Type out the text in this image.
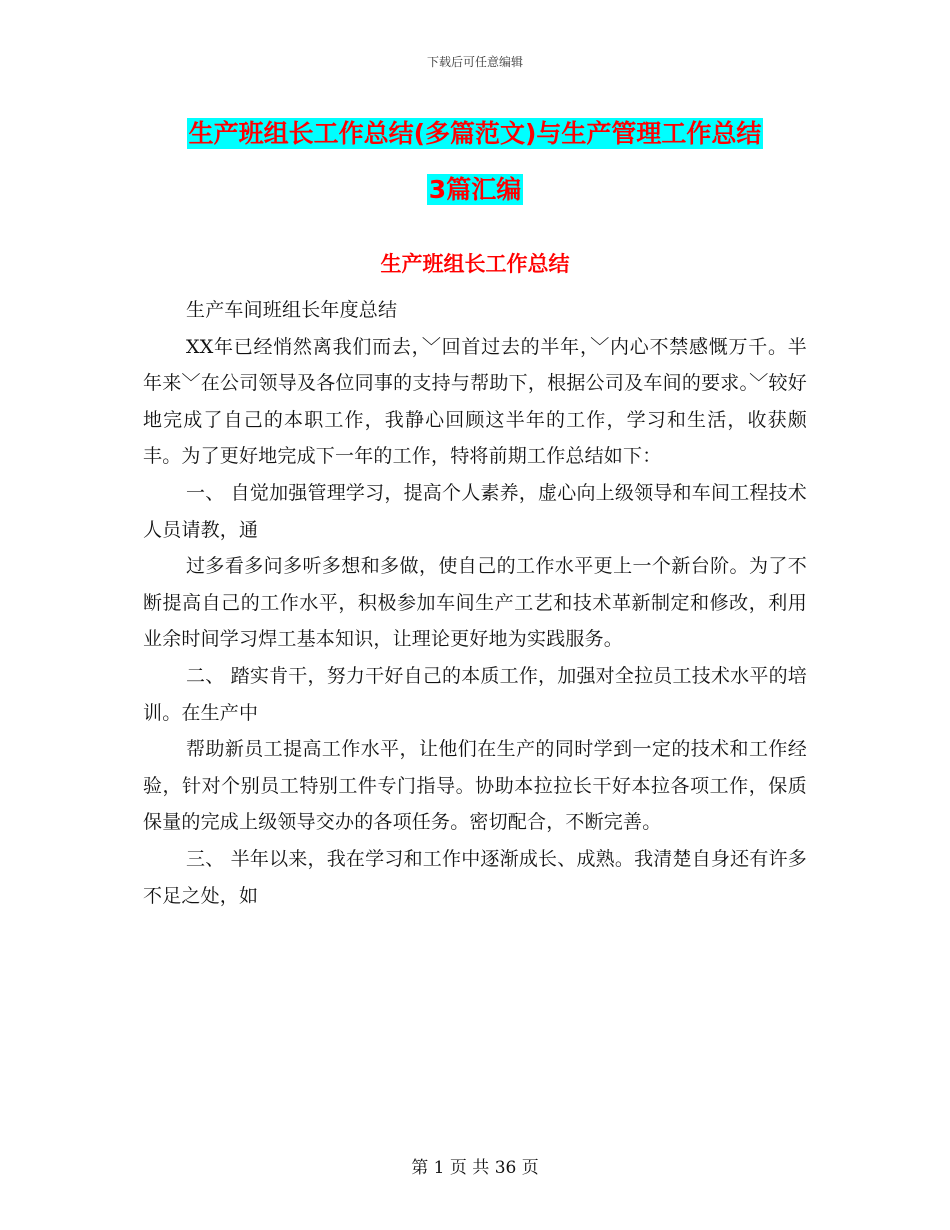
下载后可任意编辑
生产班组长工作总结(多篇范文)与生产管理工作总结
3篇汇编
生产班组长工作总结

生产车间班组长年度总结

XX年已经悄然离我们而去，﹀回首过去的半年，﹀内心不禁感慨万千。半年来﹀在公司领导及各位同事的支持与帮助下，根据公司及车间的要求。﹀较好地完成了自己的本职工作，我静心回顾这半年的工作，学习和生活，收获颇丰。为了更好地完成下一年的工作，特将前期工作总结如下：

一、 自觉加强管理学习，提高个人素养，虚心向上级领导和车间工程技术人员请教，通

过多看多问多听多想和多做，使自己的工作水平更上一个新台阶。为了不断提高自己的工作水平，积极参加车间生产工艺和技术革新制定和修改，利用业余时间学习焊工基本知识，让理论更好地为实践服务。

二、 踏实肯干，努力干好自己的本质工作，加强对全拉员工技术水平的培训。在生产中

帮助新员工提高工作水平，让他们在生产的同时学到一定的技术和工作经验，针对个别员工特别工件专门指导。协助本拉拉长干好本拉各项工作，保质保量的完成上级领导交办的各项任务。密切配合，不断完善。

三、 半年以来，我在学习和工作中逐渐成长、成熟。我清楚自身还有许多不足之处，如

第 1 页 共 36 页
